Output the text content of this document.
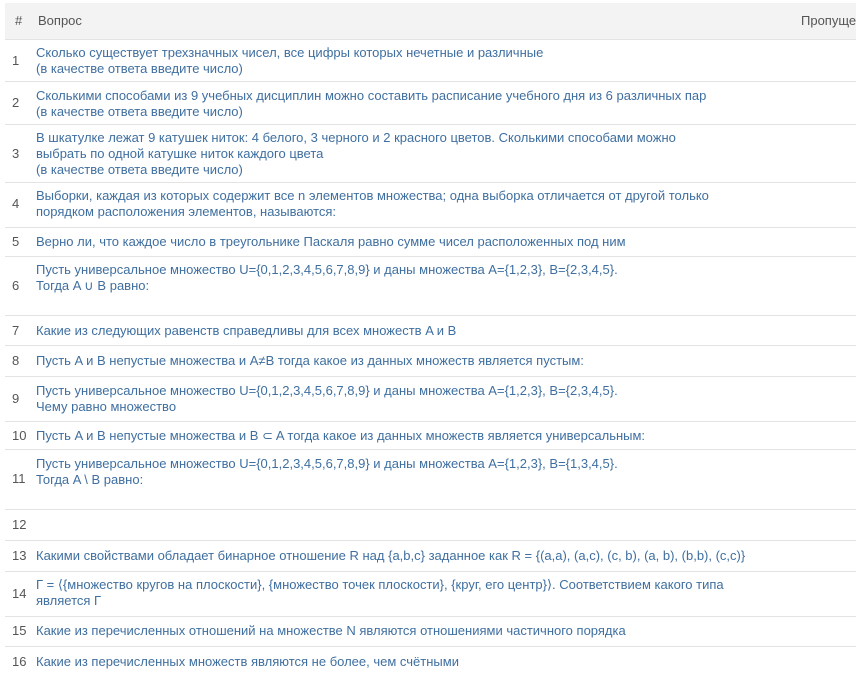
# Вопрос	Пропуще
1
Сколько существует трехзначных чисел, все цифры которых нечетные и различные
(в качестве ответа введите число)
2	Сколькими способами из 9 учебных дисциплин можно составить расписание учебного дня из 6 различных пар
(в качестве ответа введите число)
3
В шкатулке лежат 9 катушек ниток: 4 белого, 3 черного и 2 красного цветов. Сколькими способами можно
выбрать по одной катушке ниток каждого цвета
(в качестве ответа введите число)
4
Выборки, каждая из которых содержит все n элементов множества; одна выборка отличается от другой только
порядком расположения элементов, называются:
5	Верно ли, что каждое число в треугольнике Паскаля равно сумме чисел расположенных под ним
6
Пусть универсальное множество U={0,1,2,3,4,5,6,7,8,9} и даны множества A={1,2,3}, B={2,3,4,5}.
Тогда A ∪ B равно:
7	Какие из следующих равенств справедливы для всех множеств A и B
8	Пусть A и B непустые множества и A≠B тогда какое из данных множеств является пустым:
9
Пусть универсальное множество U={0,1,2,3,4,5,6,7,8,9} и даны множества A={1,2,3}, B={2,3,4,5}.
Чему равно множество
10 Пусть A и B непустые множества и B ⊂ A тогда какое из данных множеств является универсальным:
11
Пусть универсальное множество U={0,1,2,3,4,5,6,7,8,9} и даны множества A={1,2,3}, B={1,3,4,5}.
Тогда A \ B равно:
12
13 Какими свойствами обладает бинарное отношение R над {a,b,c} заданное как R = {(a,a), (a,c), (c, b), (a, b), (b,b), (c,c)}
14
Г = ⟨{множество кругов на плоскости}, {множество точек плоскости}, {круг, его центр}⟩. Соответствием какого типа
является Г
15 Какие из перечисленных отношений на множестве N являются отношениями частичного порядка
16 Какие из перечисленных множеств являются не более, чем счётными
